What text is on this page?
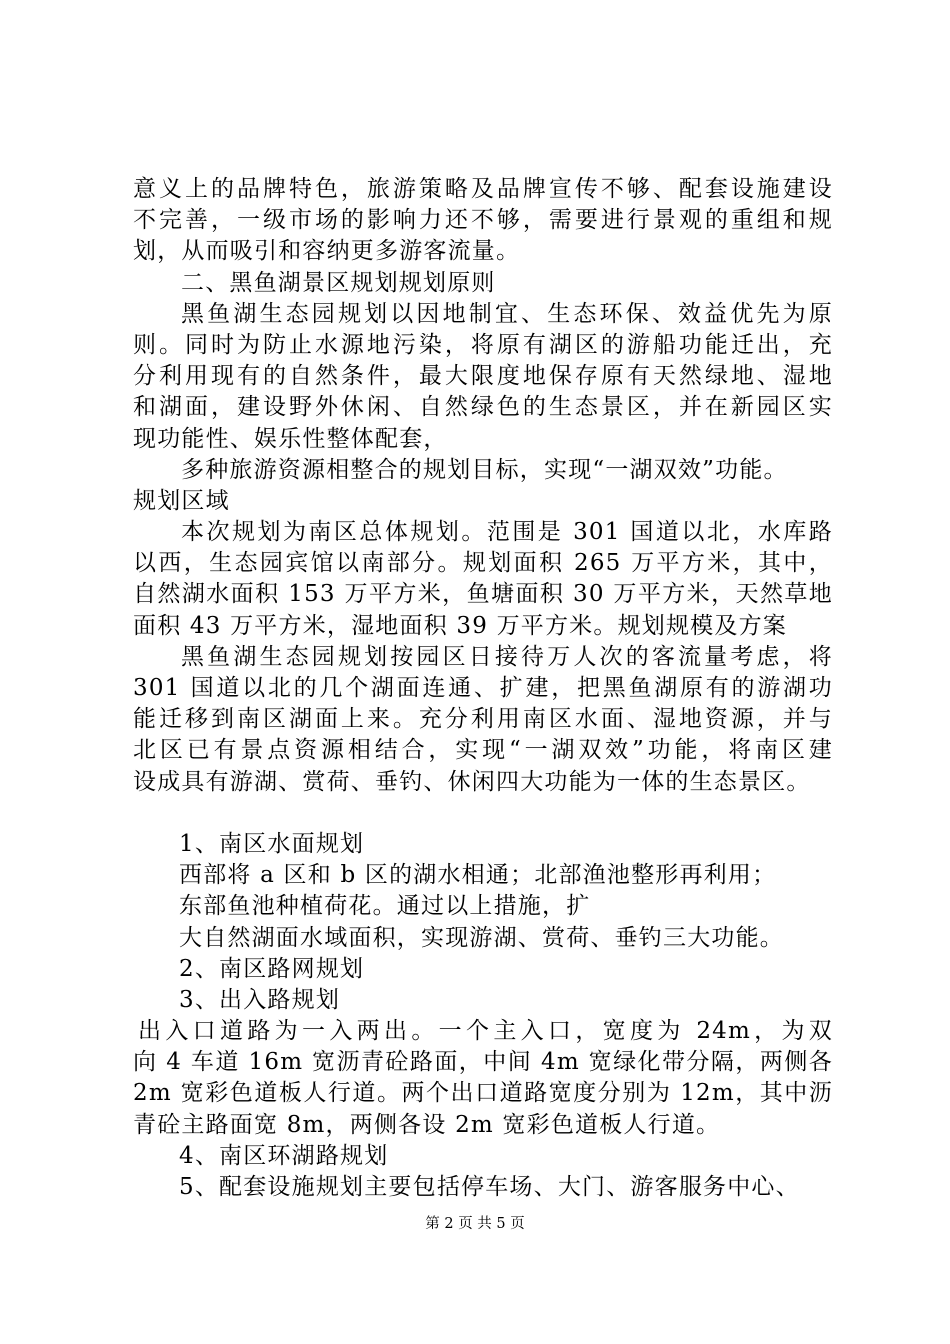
意义上的品牌特色，旅游策略及品牌宣传不够、配套设施建设
不完善，一级市场的影响力还不够，需要进行景观的重组和规
划，从而吸引和容纳更多游客流量。
二、黑鱼湖景区规划规划原则
黑鱼湖生态园规划以因地制宜、生态环保、效益优先为原
则。同时为防止水源地污染，将原有湖区的游船功能迁出，充
分利用现有的自然条件，最大限度地保存原有天然绿地、湿地
和湖面，建设野外休闲、自然绿色的生态景区，并在新园区实
现功能性、娱乐性整体配套，
多种旅游资源相整合的规划目标，实现“一湖双效”功能。
规划区域
本次规划为南区总体规划。范围是 301 国道以北，水库路
以西，生态园宾馆以南部分。规划面积 265 万平方米，其中，
自然湖水面积 153 万平方米，鱼塘面积 30 万平方米，天然草地
面积 43 万平方米，湿地面积 39 万平方米。规划规模及方案
黑鱼湖生态园规划按园区日接待万人次的客流量考虑，将
301 国道以北的几个湖面连通、扩建，把黑鱼湖原有的游湖功
能迁移到南区湖面上来。充分利用南区水面、湿地资源，并与
北区已有景点资源相结合，实现“一湖双效”功能，将南区建
设成具有游湖、赏荷、垂钓、休闲四大功能为一体的生态景区。
1、南区水面规划
西部将 a 区和 b 区的湖水相通；北部渔池整形再利用；
东部鱼池种植荷花。通过以上措施，扩
大自然湖面水域面积，实现游湖、赏荷、垂钓三大功能。
2、南区路网规划
3、出入路规划
出入口道路为一入两出。一个主入口，宽度为 24m，为双
向 4 车道 16m 宽沥青砼路面，中间 4m 宽绿化带分隔，两侧各
2m 宽彩色道板人行道。两个出口道路宽度分别为 12m，其中沥
青砼主路面宽 8m，两侧各设 2m 宽彩色道板人行道。
4、南区环湖路规划
5、配套设施规划主要包括停车场、大门、游客服务中心、
第 2 页 共 5 页
